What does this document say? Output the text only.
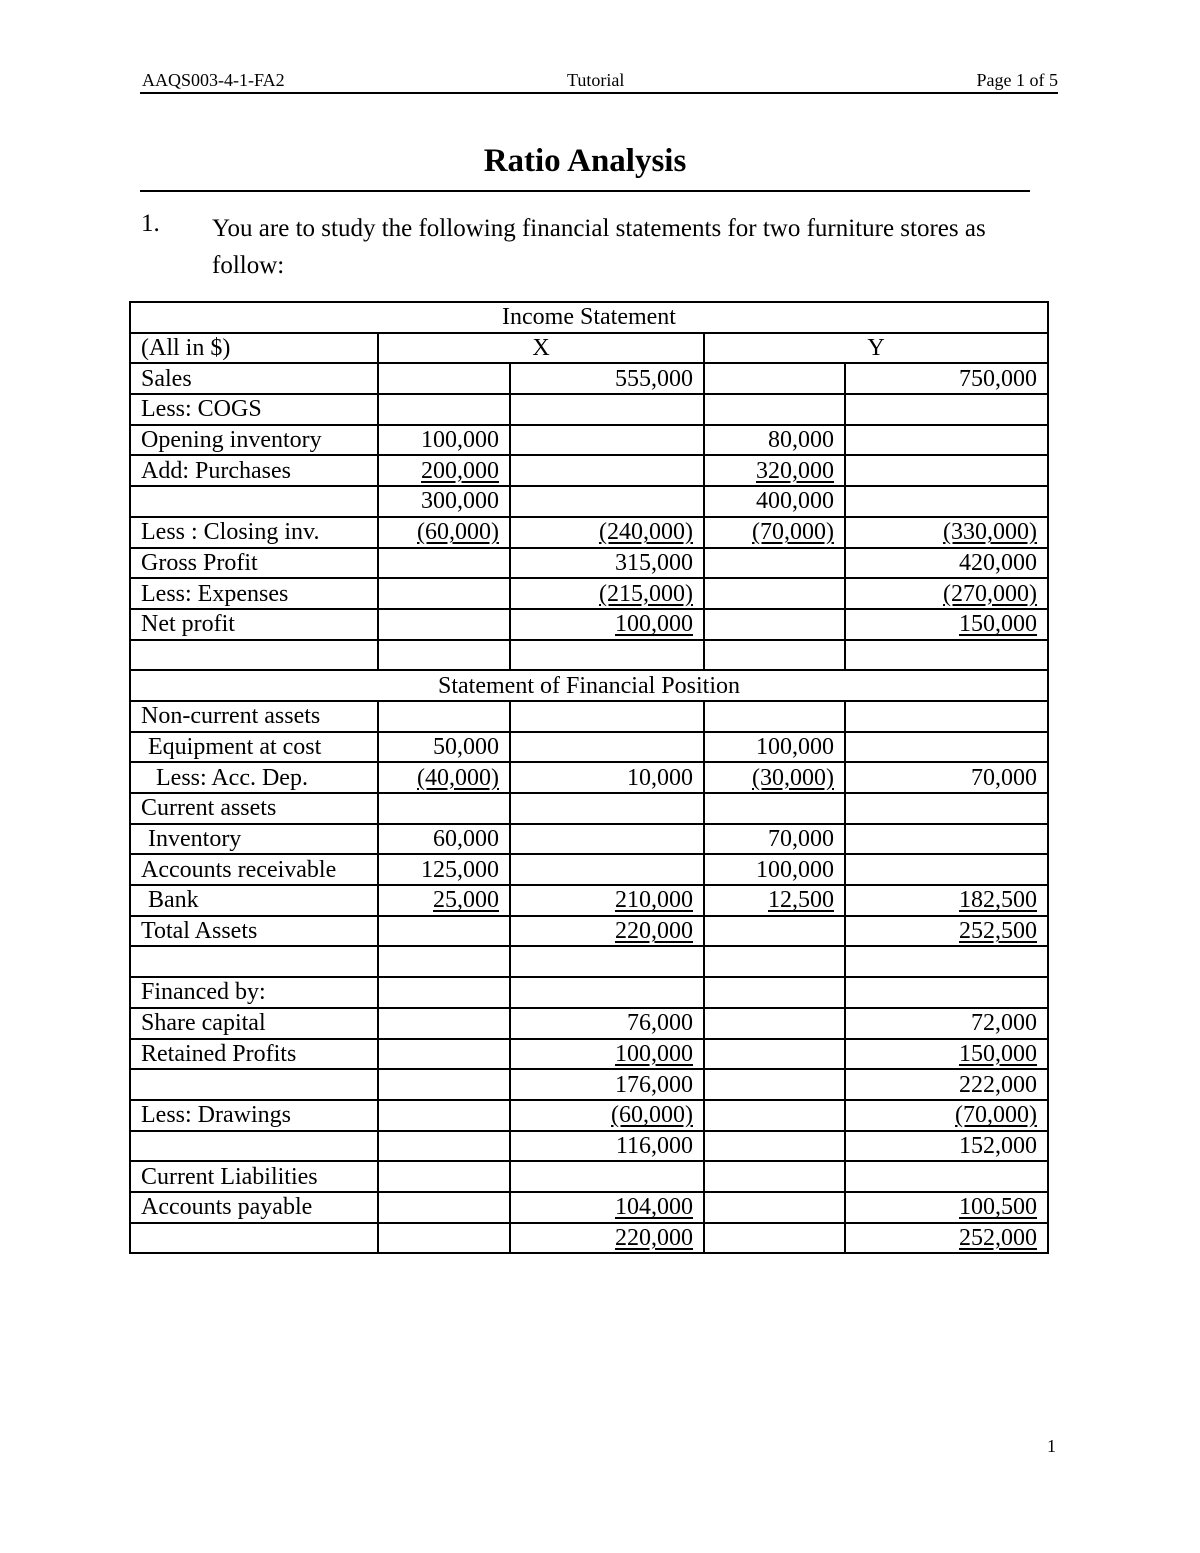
AAQS003-4-1-FA2	Tutorial	Page 1 of 5
Ratio Analysis
1. You are to study the following financial statements for two furniture stores as follow:
Income Statement				
(All in $)	X		Y	
Sales		555,000		750,000
Less: COGS				
Opening inventory	100,000		80,000	
Add: Purchases	200,000		320,000	
	300,000		400,000	
Less : Closing inv.	(60,000)	(240,000)	(70,000)	(330,000)
Gross Profit		315,000		420,000
Less: Expenses		(215,000)		(270,000)
Net profit		100,000		150,000

Statement of Financial Position				
Non-current assets				
Equipment at cost	50,000		100,000	
Less: Acc. Dep.	(40,000)	10,000	(30,000)	70,000
Current assets				
Inventory	60,000		70,000	
Accounts receivable	125,000		100,000	
Bank	25,000	210,000	12,500	182,500
Total Assets		220,000		252,500

Financed by:				
Share capital		76,000		72,000
Retained Profits		100,000		150,000
		176,000		222,000
Less: Drawings		(60,000)		(70,000)
		116,000		152,000
Current Liabilities				
Accounts payable		104,000		100,500
		220,000		252,000
1
